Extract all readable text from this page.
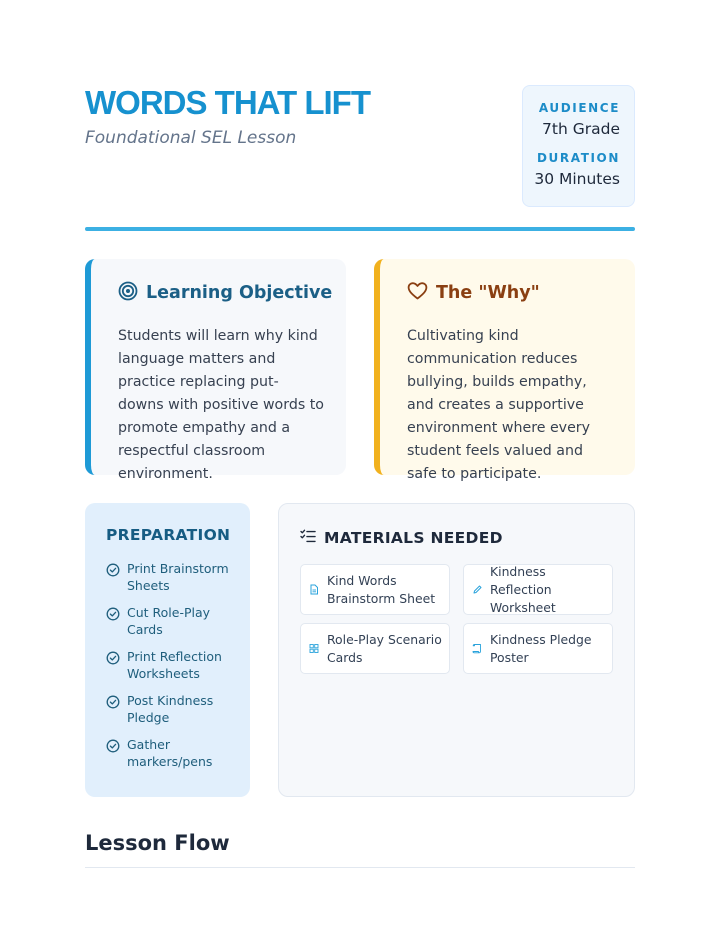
WORDS THAT LIFT
Foundational SEL Lesson
AUDIENCE
7th Grade
DURATION
30 Minutes
Learning Objective

Students will learn why kind language matters and practice replacing put-downs with positive words to promote empathy and a respectful classroom environment.

The "Why"

Cultivating kind communication reduces bullying, builds empathy, and creates a supportive environment where every student feels valued and safe to participate.

PREPARATION
Print Brainstorm Sheets
Cut Role-Play Cards
Print Reflection Worksheets
Post Kindness Pledge
Gather markers/pens
MATERIALS NEEDED
Kind Words Brainstorm Sheet
Kindness Reflection Worksheet
Role-Play Scenario Cards
Kindness Pledge Poster
Lesson Flow
